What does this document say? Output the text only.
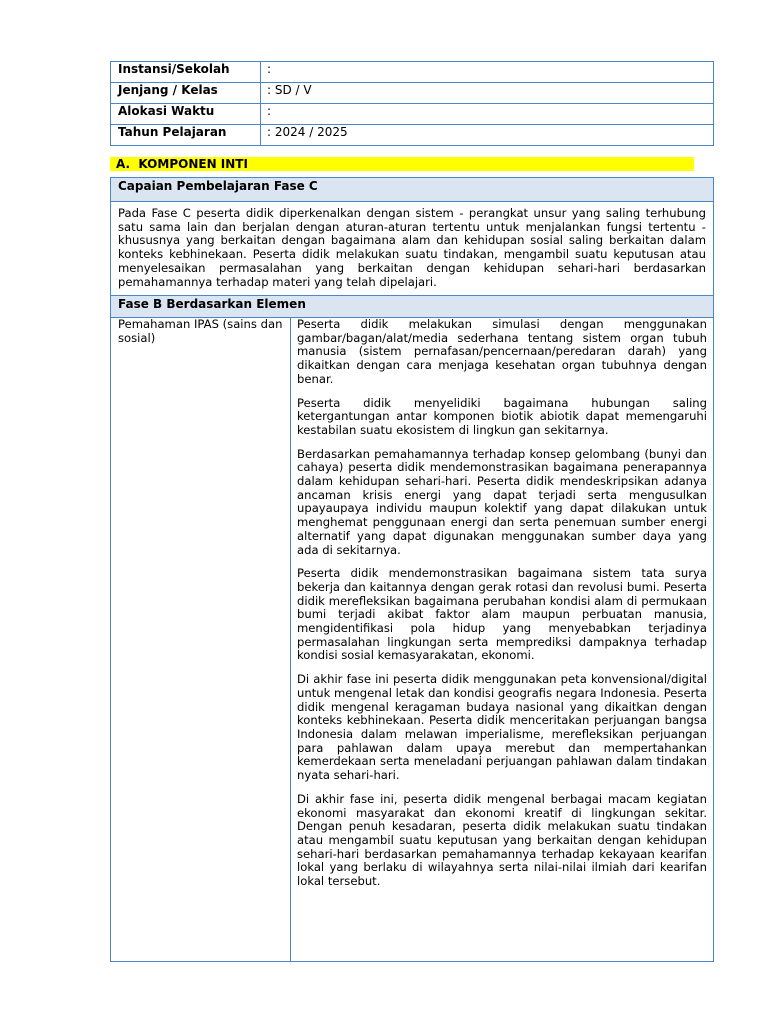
Instansi/Sekolah	:
Jenjang / Kelas	: SD / V
Alokasi Waktu	:
Tahun Pelajaran	: 2024 / 2025
A.  KOMPONEN INTI
Capaian Pembelajaran Fase C
Pada Fase C peserta didik diperkenalkan dengan sistem - perangkat unsur yang saling terhubung satu sama lain dan berjalan dengan aturan-aturan tertentu untuk menjalankan fungsi tertentu - khususnya yang berkaitan dengan bagaimana alam dan kehidupan sosial saling berkaitan dalam konteks kebhinekaan. Peserta didik melakukan suatu tindakan, mengambil suatu keputusan atau menyelesaikan permasalahan yang berkaitan dengan kehidupan sehari-hari berdasarkan pemahamannya terhadap materi yang telah dipelajari.
Fase B Berdasarkan Elemen
Pemahaman IPAS (sains dan sosial)

Peserta didik melakukan simulasi dengan menggunakan gambar/bagan/alat/media sederhana tentang sistem organ tubuh manusia (sistem pernafasan/pencernaan/peredaran darah) yang dikaitkan dengan cara menjaga kesehatan organ tubuhnya dengan benar.

Peserta didik menyelidiki bagaimana hubungan saling ketergantungan antar komponen biotik abiotik dapat memengaruhi kestabilan suatu ekosistem di lingkun gan sekitarnya.

Berdasarkan pemahamannya terhadap konsep gelombang (bunyi dan cahaya) peserta didik mendemonstrasikan bagaimana penerapannya dalam kehidupan sehari-hari. Peserta didik mendeskripsikan adanya ancaman krisis energi yang dapat terjadi serta mengusulkan upayaupaya individu maupun kolektif yang dapat dilakukan untuk menghemat penggunaan energi dan serta penemuan sumber energi alternatif yang dapat digunakan menggunakan sumber daya yang ada di sekitarnya.

Peserta didik mendemonstrasikan bagaimana sistem tata surya bekerja dan kaitannya dengan gerak rotasi dan revolusi bumi. Peserta didik merefleksikan bagaimana perubahan kondisi alam di permukaan bumi terjadi akibat faktor alam maupun perbuatan manusia, mengidentifikasi pola hidup yang menyebabkan terjadinya permasalahan lingkungan serta memprediksi dampaknya terhadap kondisi sosial kemasyarakatan, ekonomi.

Di akhir fase ini peserta didik menggunakan peta konvensional/digital untuk mengenal letak dan kondisi geografis negara Indonesia. Peserta didik mengenal keragaman budaya nasional yang dikaitkan dengan konteks kebhinekaan. Peserta didik menceritakan perjuangan bangsa Indonesia dalam melawan imperialisme, merefleksikan perjuangan para pahlawan dalam upaya merebut dan mempertahankan kemerdekaan serta meneladani perjuangan pahlawan dalam tindakan nyata sehari-hari.

Di akhir fase ini, peserta didik mengenal berbagai macam kegiatan ekonomi masyarakat dan ekonomi kreatif di lingkungan sekitar. Dengan penuh kesadaran, peserta didik melakukan suatu tindakan atau mengambil suatu keputusan yang berkaitan dengan kehidupan sehari-hari berdasarkan pemahamannya terhadap kekayaan kearifan lokal yang berlaku di wilayahnya serta nilai-nilai ilmiah dari kearifan lokal tersebut.
